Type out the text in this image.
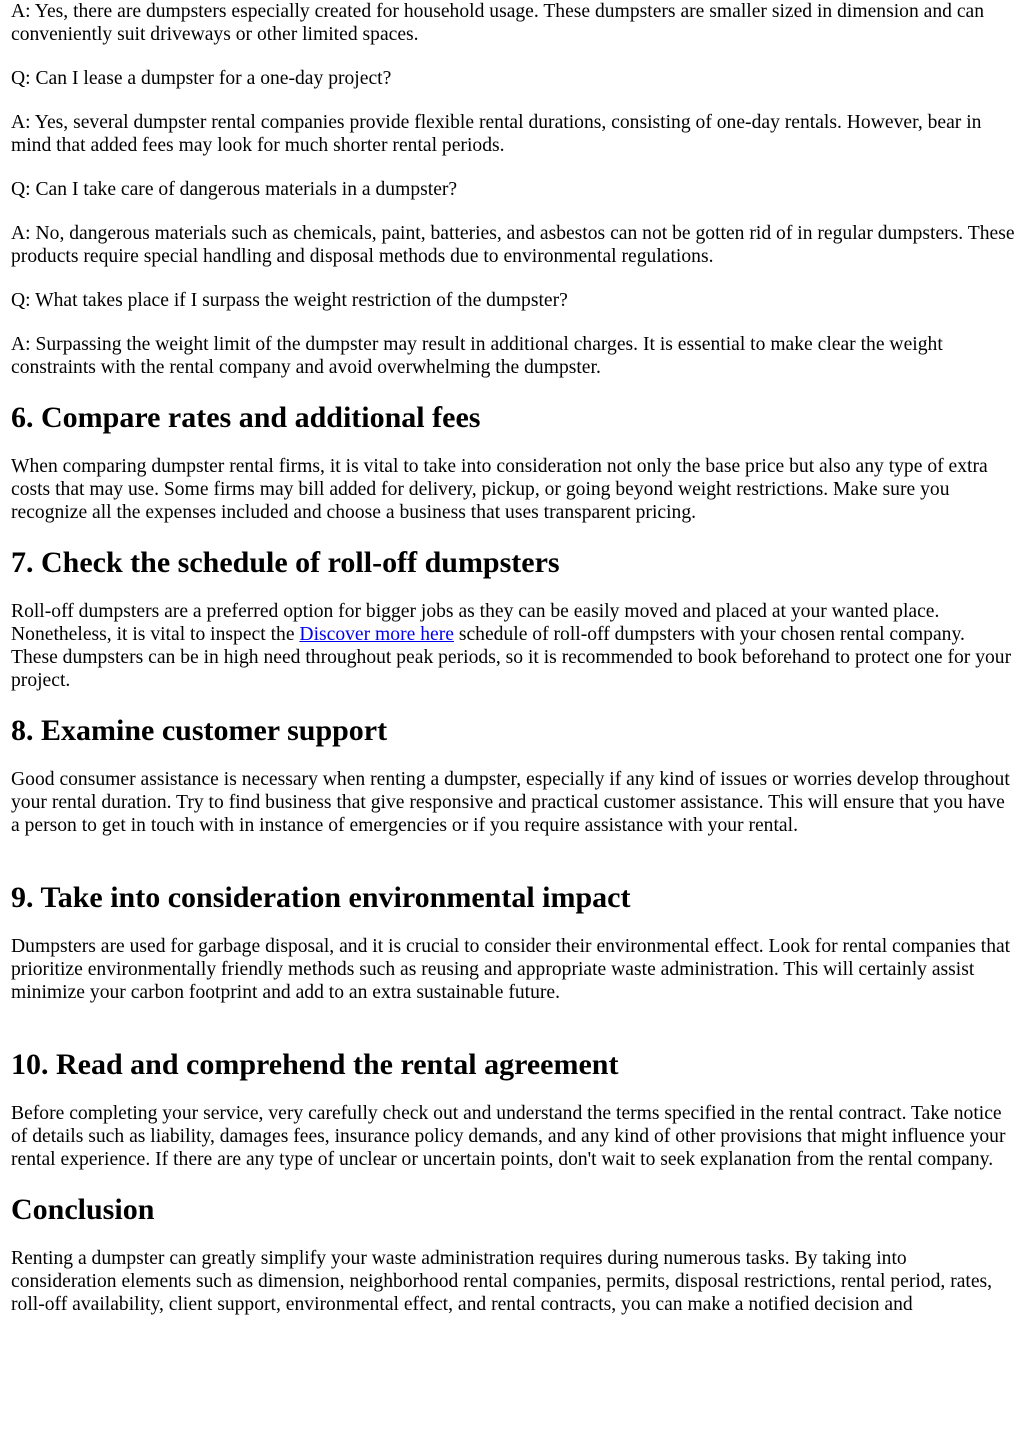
A: Yes, there are dumpsters especially created for household usage. These dumpsters are smaller sized in dimension and can conveniently suit driveways or other limited spaces.

Q: Can I lease a dumpster for a one-day project?

A: Yes, several dumpster rental companies provide flexible rental durations, consisting of one-day rentals. However, bear in mind that added fees may look for much shorter rental periods.

Q: Can I take care of dangerous materials in a dumpster?

A: No, dangerous materials such as chemicals, paint, batteries, and asbestos can not be gotten rid of in regular dumpsters. These products require special handling and disposal methods due to environmental regulations.

Q: What takes place if I surpass the weight restriction of the dumpster?

A: Surpassing the weight limit of the dumpster may result in additional charges. It is essential to make clear the weight constraints with the rental company and avoid overwhelming the dumpster.

6. Compare rates and additional fees

When comparing dumpster rental firms, it is vital to take into consideration not only the base price but also any type of extra costs that may use. Some firms may bill added for delivery, pickup, or going beyond weight restrictions. Make sure you recognize all the expenses included and choose a business that uses transparent pricing.

7. Check the schedule of roll-off dumpsters

Roll-off dumpsters are a preferred option for bigger jobs as they can be easily moved and placed at your wanted place. Nonetheless, it is vital to inspect the Discover more here schedule of roll-off dumpsters with your chosen rental company. These dumpsters can be in high need throughout peak periods, so it is recommended to book beforehand to protect one for your project.

8. Examine customer support

Good consumer assistance is necessary when renting a dumpster, especially if any kind of issues or worries develop throughout your rental duration. Try to find business that give responsive and practical customer assistance. This will ensure that you have a person to get in touch with in instance of emergencies or if you require assistance with your rental.

9. Take into consideration environmental impact

Dumpsters are used for garbage disposal, and it is crucial to consider their environmental effect. Look for rental companies that prioritize environmentally friendly methods such as reusing and appropriate waste administration. This will certainly assist minimize your carbon footprint and add to an extra sustainable future.

10. Read and comprehend the rental agreement

Before completing your service, very carefully check out and understand the terms specified in the rental contract. Take notice of details such as liability, damages fees, insurance policy demands, and any kind of other provisions that might influence your rental experience. If there are any type of unclear or uncertain points, don't wait to seek explanation from the rental company.

Conclusion

Renting a dumpster can greatly simplify your waste administration requires during numerous tasks. By taking into consideration elements such as dimension, neighborhood rental companies, permits, disposal restrictions, rental period, rates, roll-off availability, client support, environmental effect, and rental contracts, you can make a notified decision and
